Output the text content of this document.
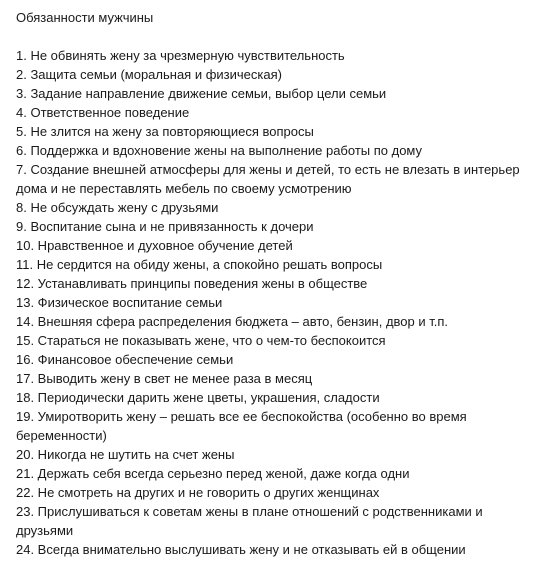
Обязанности мужчины
1. Не обвинять жену за чрезмерную чувствительность
2. Защита семьи (моральная и физическая)
3. Задание направление движение семьи, выбор цели семьи
4. Ответственное поведение
5. Не злится на жену за повторяющиеся вопросы
6. Поддержка и вдохновение жены на выполнение работы по дому
7. Создание внешней атмосферы для жены и детей, то есть не влезать в интерьер дома и не переставлять мебель по своему усмотрению
8. Не обсуждать жену с друзьями
9. Воспитание сына и не привязанность к дочери
10. Нравственное и духовное обучение детей
11. Не сердится на обиду жены, а спокойно решать вопросы
12. Устанавливать принципы поведения жены в обществе
13. Физическое воспитание семьи
14. Внешняя сфера распределения бюджета – авто, бензин, двор и т.п.
15. Стараться не показывать жене, что о чем-то беспокоится
16. Финансовое обеспечение семьи
17. Выводить жену в свет не менее раза в месяц
18. Периодически дарить жене цветы, украшения, сладости
19. Умиротворить жену – решать все ее беспокойства (особенно во время беременности)
20. Никогда не шутить на счет жены
21. Держать себя всегда серьезно перед женой, даже когда одни
22. Не смотреть на других и не говорить о других женщинах
23. Прислушиваться к советам жены в плане отношений с родственниками и друзьями
24. Всегда внимательно выслушивать жену и не отказывать ей в общении
